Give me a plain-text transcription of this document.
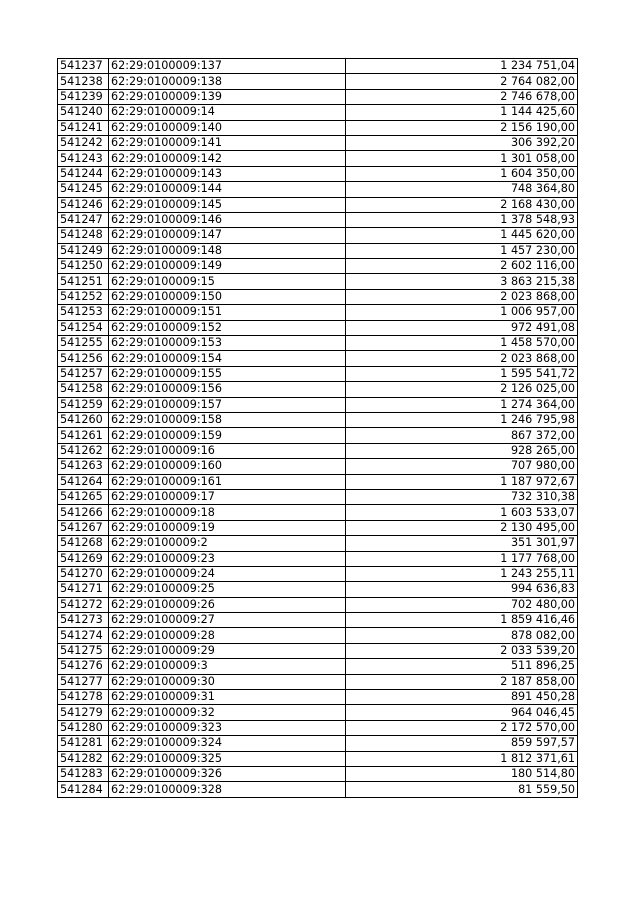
541237	62:29:0100009:137	1 234 751,04
541238	62:29:0100009:138	2 764 082,00
541239	62:29:0100009:139	2 746 678,00
541240	62:29:0100009:14	1 144 425,60
541241	62:29:0100009:140	2 156 190,00
541242	62:29:0100009:141	306 392,20
541243	62:29:0100009:142	1 301 058,00
541244	62:29:0100009:143	1 604 350,00
541245	62:29:0100009:144	748 364,80
541246	62:29:0100009:145	2 168 430,00
541247	62:29:0100009:146	1 378 548,93
541248	62:29:0100009:147	1 445 620,00
541249	62:29:0100009:148	1 457 230,00
541250	62:29:0100009:149	2 602 116,00
541251	62:29:0100009:15	3 863 215,38
541252	62:29:0100009:150	2 023 868,00
541253	62:29:0100009:151	1 006 957,00
541254	62:29:0100009:152	972 491,08
541255	62:29:0100009:153	1 458 570,00
541256	62:29:0100009:154	2 023 868,00
541257	62:29:0100009:155	1 595 541,72
541258	62:29:0100009:156	2 126 025,00
541259	62:29:0100009:157	1 274 364,00
541260	62:29:0100009:158	1 246 795,98
541261	62:29:0100009:159	867 372,00
541262	62:29:0100009:16	928 265,00
541263	62:29:0100009:160	707 980,00
541264	62:29:0100009:161	1 187 972,67
541265	62:29:0100009:17	732 310,38
541266	62:29:0100009:18	1 603 533,07
541267	62:29:0100009:19	2 130 495,00
541268	62:29:0100009:2	351 301,97
541269	62:29:0100009:23	1 177 768,00
541270	62:29:0100009:24	1 243 255,11
541271	62:29:0100009:25	994 636,83
541272	62:29:0100009:26	702 480,00
541273	62:29:0100009:27	1 859 416,46
541274	62:29:0100009:28	878 082,00
541275	62:29:0100009:29	2 033 539,20
541276	62:29:0100009:3	511 896,25
541277	62:29:0100009:30	2 187 858,00
541278	62:29:0100009:31	891 450,28
541279	62:29:0100009:32	964 046,45
541280	62:29:0100009:323	2 172 570,00
541281	62:29:0100009:324	859 597,57
541282	62:29:0100009:325	1 812 371,61
541283	62:29:0100009:326	180 514,80
541284	62:29:0100009:328	81 559,50
